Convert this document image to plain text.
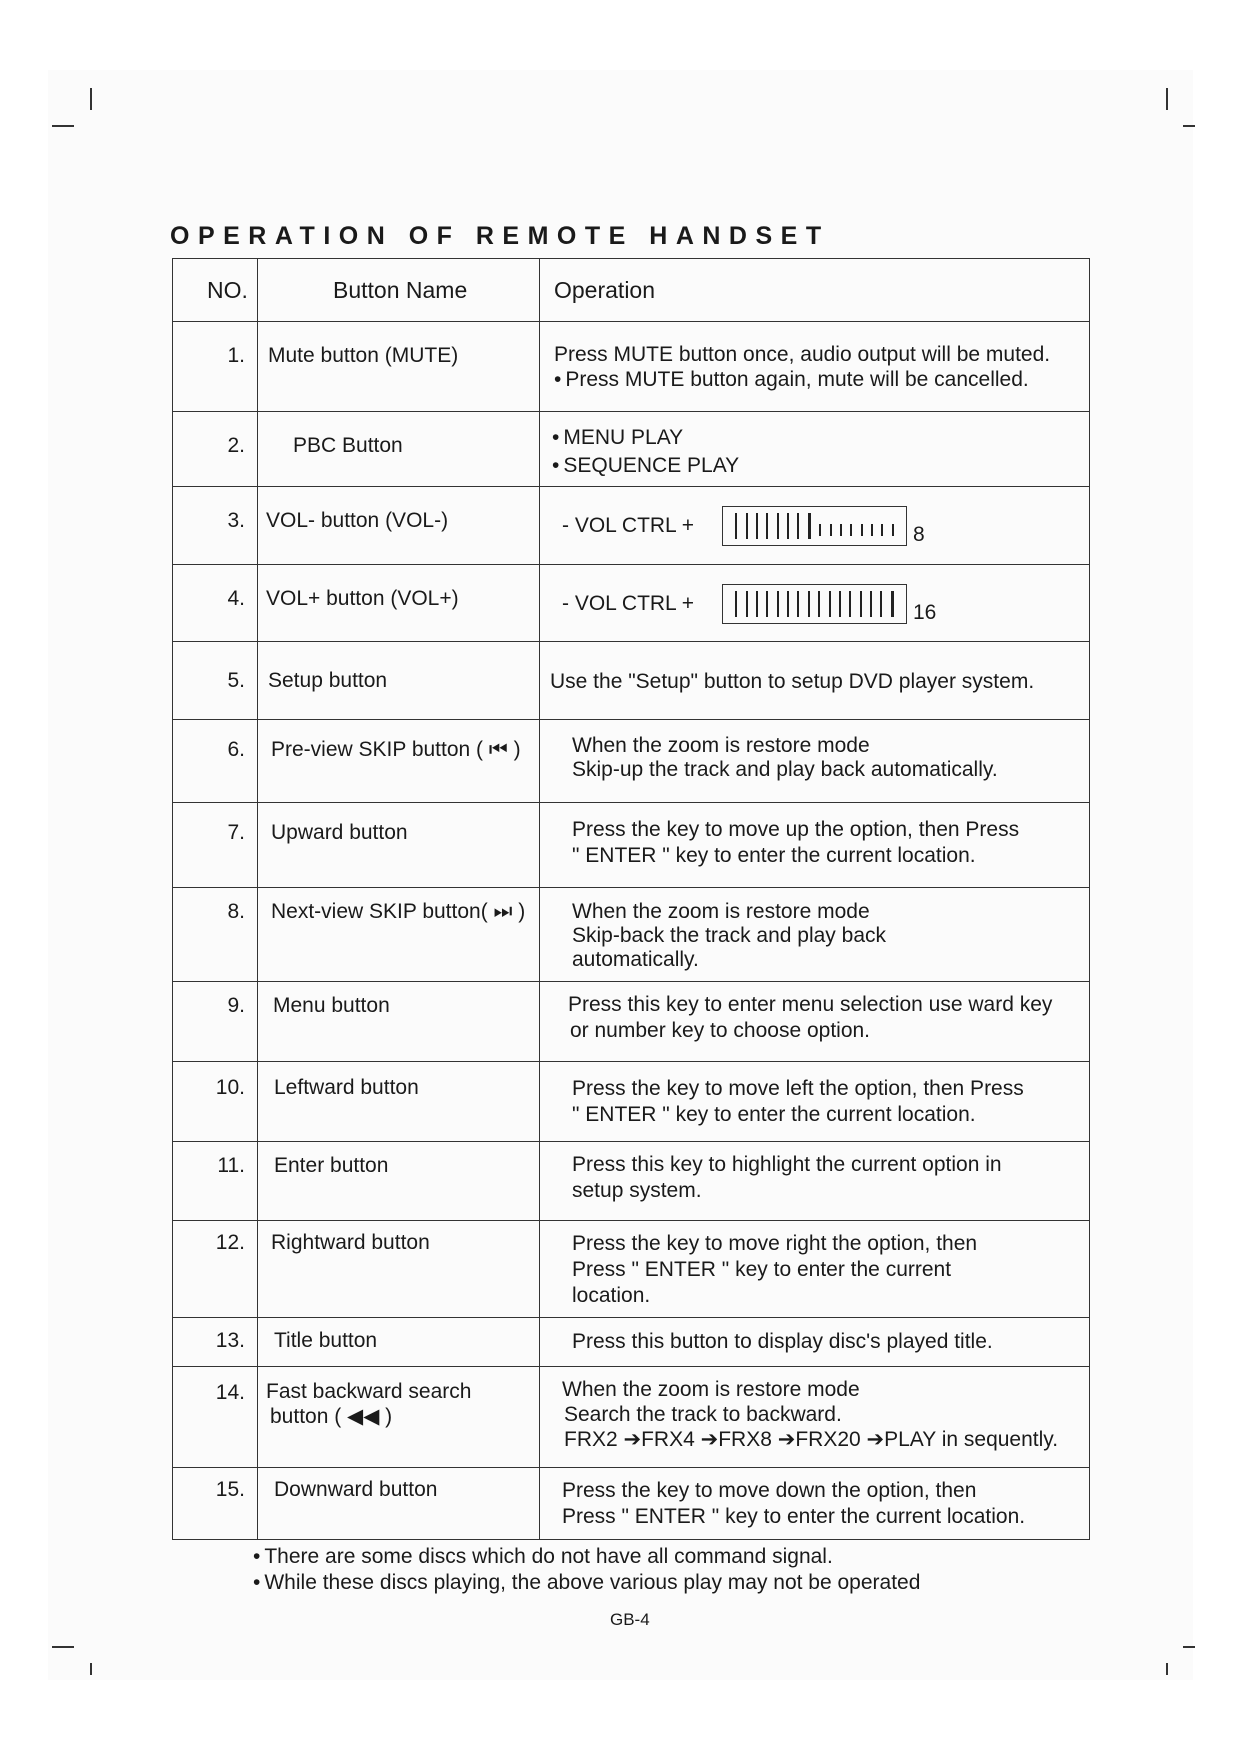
OPERATION OF REMOTE HANDSET
NO.	Button Name	Operation

1.	Mute button (MUTE)	Press MUTE button once, audio output will be muted.
• Press MUTE button again, mute will be cancelled.

2.	PBC Button	• MENU PLAY
• SEQUENCE PLAY

3.	VOL- button (VOL-)	- VOL CTRL + 8

4.	VOL+ button (VOL+)	- VOL CTRL + 16

5.	Setup button	Use the "Setup" button to setup DVD player system.

6.	Pre-view SKIP button ( ⏮ )	When the zoom is restore mode
Skip-up the track and play back automatically.

7.	Upward button	Press the key to move up the option, then Press
" ENTER " key to enter the current location.

8.	Next-view SKIP button( ⏭ )	When the zoom is restore mode
Skip-back the track and play back
automatically.

9.	Menu button	Press this key to enter menu selection use ward key
or number key to choose option.

10.	Leftward button	Press the key to move left the option, then Press
" ENTER " key to enter the current location.

11.	Enter button	Press this key to highlight the current option in
setup system.

12.	Rightward button	Press the key to move right the option, then
Press " ENTER " key to enter the current
location.

13.	Title button	Press this button to display disc's played title.

14.	Fast backward search
button ( ◀◀ )	When the zoom is restore mode
Search the track to backward.
FRX2 ➔FRX4 ➔FRX8 ➔FRX20 ➔PLAY in sequently.

15.	Downward button	Press the key to move down the option, then
Press " ENTER " key to enter the current location.
• There are some discs which do not have all command signal.
• While these discs playing, the above various play may not be operated
GB-4
